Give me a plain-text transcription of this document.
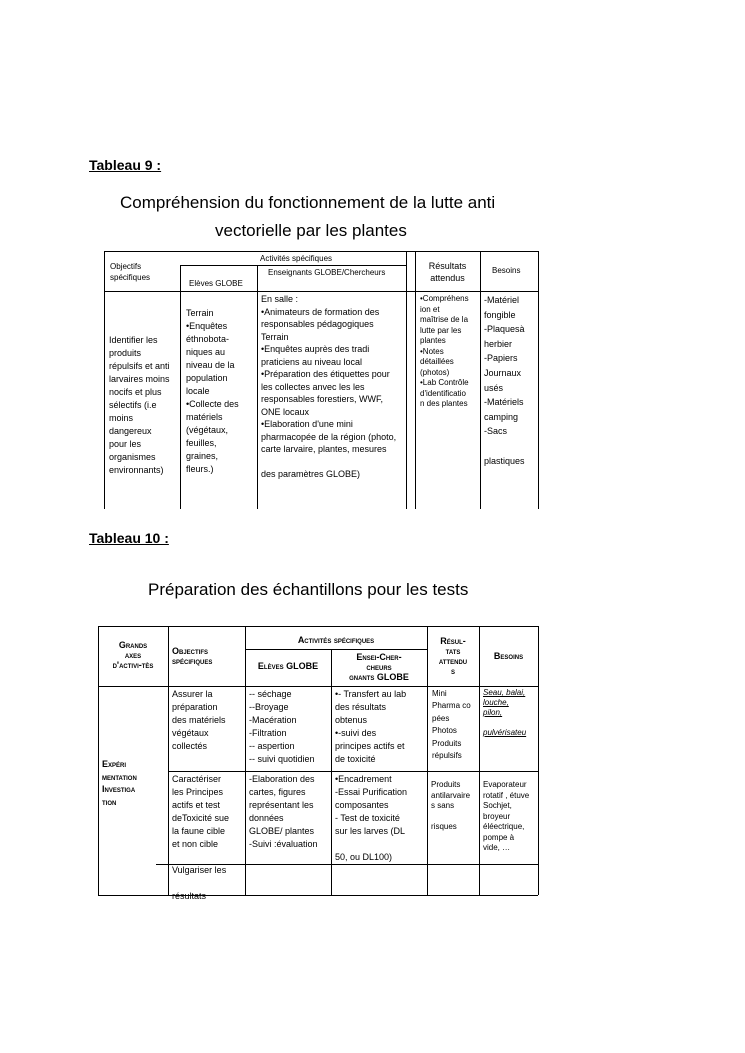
Tableau 9 :
Compréhension du fonctionnement de la lutte anti
vectorielle par les plantes
Objectifs
spécifiques
Activités spécifiques
Elèves GLOBE
Enseignants GLOBE/Chercheurs
Résultats
attendus
Besoins
Identifier les
produits
répulsifs et anti
larvaires moins
nocifs et plus
sélectifs (i.e
moins
dangereux
pour les
organismes
environnants)
Terrain
•Enquêtes
éthnobota-
niques au
niveau de la
population
locale
•Collecte des
matériels
(végétaux,
feuilles,
graines,
fleurs.)
En salle :
•Animateurs de formation des
responsables pédagogiques
Terrain
•Enquêtes auprès des tradi
praticiens au niveau local
•Préparation des étiquettes pour
les collectes anvec les les
responsables forestiers, WWF,
ONE locaux
•Elaboration d'une mini
pharmacopée de la région (photo,
carte larvaire, plantes, mesures

des paramètres GLOBE)
•Compréhens
ion et
maîtrise de la
lutte par les
plantes
•Notes
détaillées
(photos)
•Lab Contrôle
d'identificatio
n des plantes
-Matériel
fongible
-Plaquesà
herbier
-Papiers
Journaux
usés
-Matériels
camping
-Sacs

plastiques
Tableau 10 :
Préparation des échantillons pour les tests
Grands
axes
d'activi-tès
Objectifs
spécifiques
Activités spécifiques
Elèves GLOBE
Ensei-Cher-
cheurs
gnants GLOBE
Résul-
tats
attendu
s
Besoins
Expéri
mentation
Investiga
tion
Assurer la
préparation
des matériels
végétaux
collectés
-- séchage
--Broyage
-Macération
-Filtration
-- aspertion
-- suivi quotidien
•- Transfert au lab
des résultats
obtenus
•-suivi des
principes actifs et
de toxicité
Mini
Pharma co
pées
Photos
Produits
répulsifs
Seau, balai,
louche,
pilon,
pulvérisateu
Caractériser
les Principes
actifs et test
deToxicité sue
la faune cible
et non cible

Vulgariser les

résultats
-Elaboration des
cartes, figures
représentant les
données
GLOBE/ plantes
-Suivi :évaluation
•Encadrement
-Essai Purification
composantes
- Test de toxicité
sur les larves (DL

50, ou DL100)
Produits
antilarvaire
s sans

risques
Evaporateur
rotatif , étuve
Sochjet,
broyeur
éléectrique,
pompe à
vide, …
